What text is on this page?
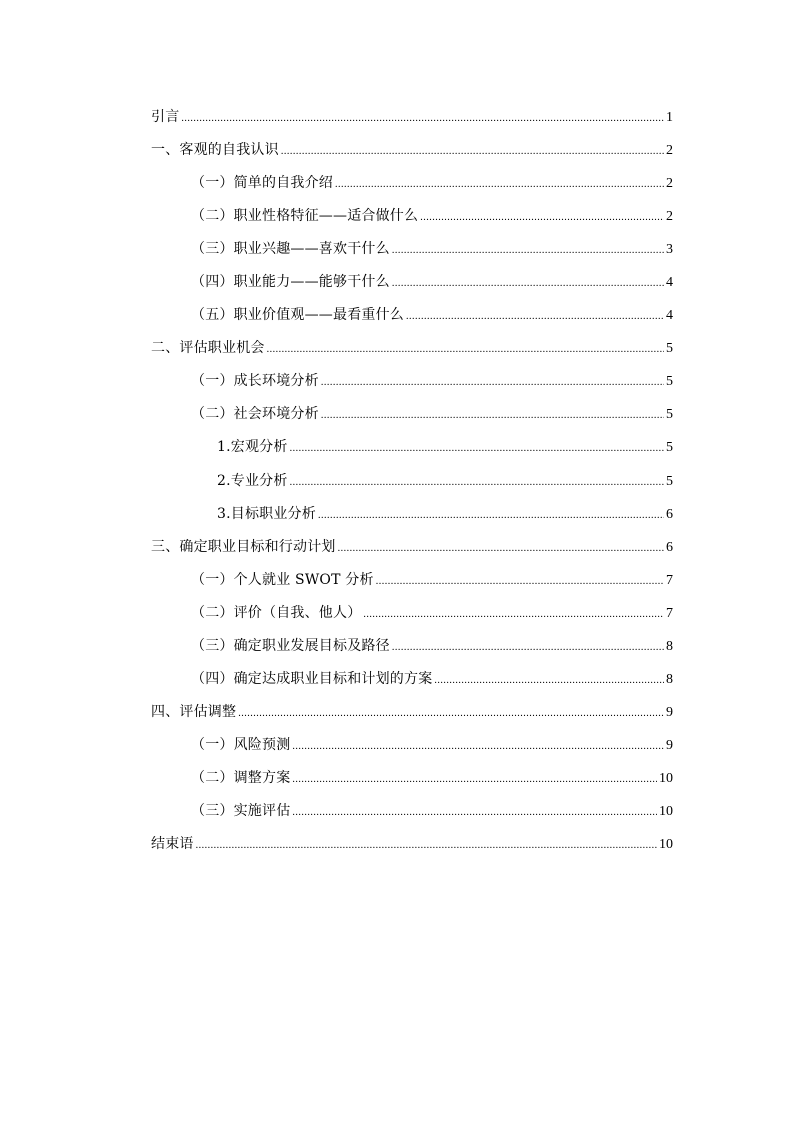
引言 .....	1
一、客观的自我认识 .....	2
（一）简单的自我介绍 .....	2
（二）职业性格特征——适合做什么 .....	2
（三）职业兴趣——喜欢干什么 .....	3
（四）职业能力——能够干什么 .....	4
（五）职业价值观——最看重什么 .....	4
二、评估职业机会 .....	5
（一）成长环境分析 .....	5
（二）社会环境分析 .....	5
1.宏观分析 .....	5
2.专业分析 .....	5
3.目标职业分析 .....	6
三、确定职业目标和行动计划 .....	6
（一）个人就业 SWOT 分析 .....	7
（二）评价（自我、他人） .....	7
（三）确定职业发展目标及路径 .....	8
（四）确定达成职业目标和计划的方案 .....	8
四、评估调整 .....	9
（一）风险预测 .....	9
（二）调整方案 .....	10
（三）实施评估 .....	10
结束语 .....	10
